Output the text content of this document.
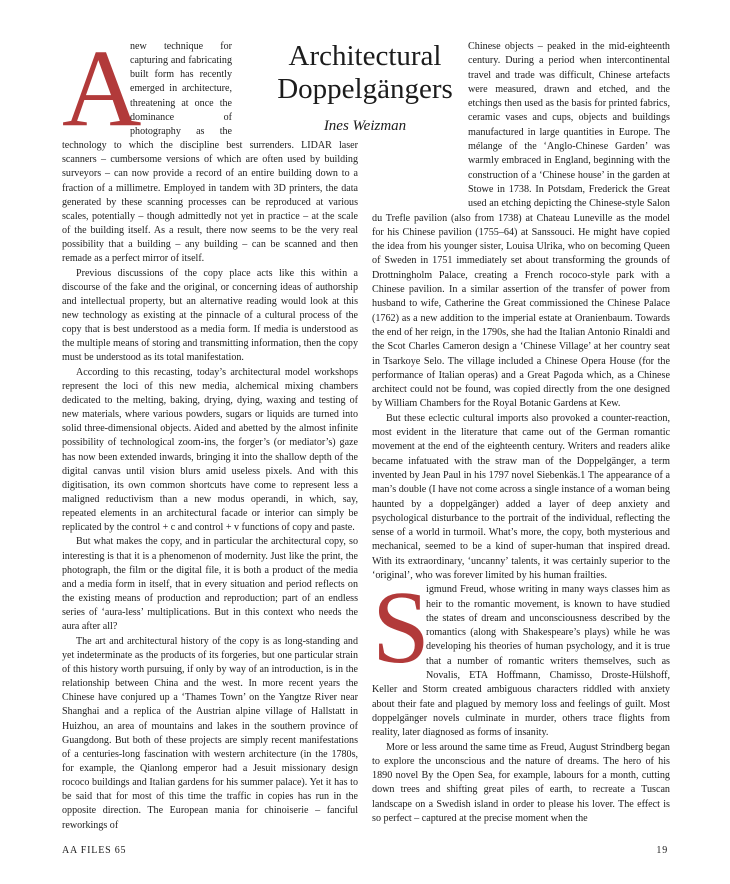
Architectural Doppelgängers
Ines Weizman
A

new technique for capturing and fabricating built form has recently emerged in architecture, threatening at once the dominance of photography as the technology to which the discipline best surrenders. LIDAR laser scanners – cumbersome versions of which are often used by building surveyors – can now provide a record of an entire building down to a fraction of a millimetre. Employed in tandem with 3D printers, the data generated by these scanning processes can be reproduced at various scales, potentially – though admittedly not yet in practice – at the scale of the building itself. As a result, there now seems to be the very real possibility that a building – any building – can be scanned and then remade as a perfect mirror of itself.

Previous discussions of the copy place acts like this within a discourse of the fake and the original, or concerning ideas of authorship and intellectual property, but an alternative reading would look at this new technology as existing at the pinnacle of a cultural process of the copy that is best understood as a media form. If media is understood as the multiple means of storing and transmitting information, then the copy must be understood as its total manifestation.

According to this recasting, today’s architectural model workshops represent the loci of this new media, alchemical mixing chambers dedicated to the melting, baking, drying, dying, waxing and testing of new materials, where various powders, sugars or liquids are turned into solid three-dimensional objects. Aided and abetted by the almost infinite possibility of technological zoom-ins, the forger’s (or mediator’s) gaze has now been extended inwards, bringing it into the shallow depth of the digital canvas until vision blurs amid useless pixels. And with this digitisation, its own common shortcuts have come to represent less a maligned reductivism than a new modus operandi, in which, say, repeated elements in an architectural facade or interior can simply be replicated by the control + c and control + v functions of copy and paste.

But what makes the copy, and in particular the architectural copy, so interesting is that it is a phenomenon of modernity. Just like the print, the photograph, the film or the digital file, it is both a product of the media and a media form in itself, that in every situation and period reflects on the existing means of production and reproduction; part of an endless series of ‘aura-less’ multiplications. But in this context who needs the aura after all?

The art and architectural history of the copy is as long-standing and yet indeterminate as the products of its forgeries, but one particular strain of this history worth pursuing, if only by way of an introduction, is in the relationship between China and the west. In more recent years the Chinese have conjured up a ‘Thames Town’ on the Yangtze River near Shanghai and a replica of the Austrian alpine village of Hallstatt in Huizhou, an area of mountains and lakes in the southern province of Guangdong. But both of these projects are simply recent manifestations of a centuries-long fascination with western architecture (in the 1780s, for example, the Qianlong emperor had a Jesuit missionary design rococo buildings and Italian gardens for his summer palace). Yet it has to be said that for most of this time the traffic in copies has run in the opposite direction. The European mania for chinoiserie – fanciful reworkings of

Chinese objects – peaked in the mid-eighteenth century. During a period when intercontinental travel and trade was difficult, Chinese artefacts were measured, drawn and etched, and the etchings then used as the basis for printed fabrics, ceramic vases and cups, objects and buildings manufactured in large quantities in Europe. The mélange of the ‘Anglo-Chinese Garden’ was warmly embraced in England, beginning with the construction of a ‘Chinese house’ in the garden at Stowe in 1738. In Potsdam, Frederick the Great used an etching depicting the Chinese-style Salon du Trefle pavilion (also from 1738) at Chateau Luneville as the model for his Chinese pavilion (1755–64) at Sanssouci. He might have copied the idea from his younger sister, Louisa Ulrika, who on becoming Queen of Sweden in 1751 immediately set about transforming the grounds of Drottningholm Palace, creating a French rococo-style park with a Chinese pavilion. In a similar assertion of the transfer of power from husband to wife, Catherine the Great commissioned the Chinese Palace (1762) as a new addition to the imperial estate at Oranienbaum. Towards the end of her reign, in the 1790s, she had the Italian Antonio Rinaldi and the Scot Charles Cameron design a ‘Chinese Village’ at her country seat in Tsarkoye Selo. The village included a Chinese Opera House (for the performance of Italian operas) and a Great Pagoda which, as a Chinese architect could not be found, was copied directly from the one designed by William Chambers for the Royal Botanic Gardens at Kew.

But these eclectic cultural imports also provoked a counter-reaction, most evident in the literature that came out of the German romantic movement at the end of the eighteenth century. Writers and readers alike became infatuated with the straw man of the Doppelgänger, a term invented by Jean Paul in his 1797 novel Siebenkäs.1 The appearance of a man’s double (I have not come across a single instance of a woman being haunted by a doppelgänger) added a layer of deep anxiety and psychological disturbance to the portrait of the individual, reflecting the sense of a world in turmoil. What’s more, the copy, both mysterious and mechanical, seemed to be a kind of super-human that inspired dread. With its extraordinary, ‘uncanny’ talents, it was certainly superior to the ‘original’, who was forever limited by his human frailties.

S
igmund Freud, whose writing in many ways classes him as heir to the romantic movement, is known to have studied the states of dream and unconsciousness described by the romantics (along with Shakespeare’s plays) while he was developing his theories of human psychology, and it is true that a number of romantic writers themselves, such as Novalis, ETA Hoffmann, Chamisso, Droste-Hülshoff, Keller and Storm created ambiguous characters riddled with anxiety about their fate and plagued by memory loss and feelings of guilt. Most doppelgänger novels culminate in murder, others trace flights from reality, later diagnosed as forms of insanity.

More or less around the same time as Freud, August Strindberg began to explore the unconscious and the nature of dreams. The hero of his 1890 novel By the Open Sea, for example, labours for a month, cutting down trees and shifting great piles of earth, to recreate a Tuscan landscape on a Swedish island in order to please his lover. The effect is so perfect – captured at the precise moment when the

AA FILES 65	19
